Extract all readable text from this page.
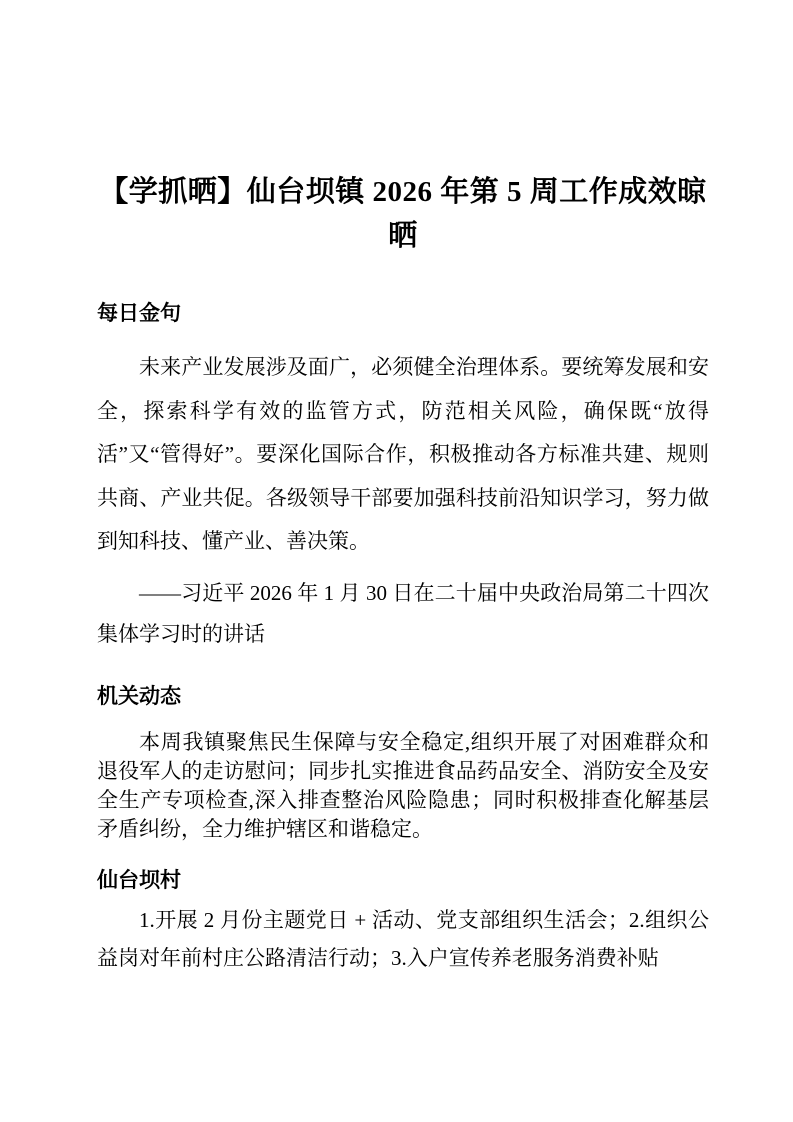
【学抓晒】仙台坝镇 2026 年第 5 周工作成效晾晒
每日金句

未来产业发展涉及面广，必须健全治理体系。要统筹发展和安全，探索科学有效的监管方式，防范相关风险，确保既“放得活”又“管得好”。要深化国际合作，积极推动各方标准共建、规则共商、产业共促。各级领导干部要加强科技前沿知识学习，努力做到知科技、懂产业、善决策。

——习近平 2026 年 1 月 30 日在二十届中央政治局第二十四次集体学习时的讲话

机关动态

本周我镇聚焦民生保障与安全稳定,组织开展了对困难群众和退役军人的走访慰问；同步扎实推进食品药品安全、消防安全及安全生产专项检查,深入排查整治风险隐患；同时积极排查化解基层矛盾纠纷，全力维护辖区和谐稳定。

仙台坝村

1.开展 2 月份主题党日 + 活动、党支部组织生活会；2.组织公益岗对年前村庄公路清洁行动；3.入户宣传养老服务消费补贴
